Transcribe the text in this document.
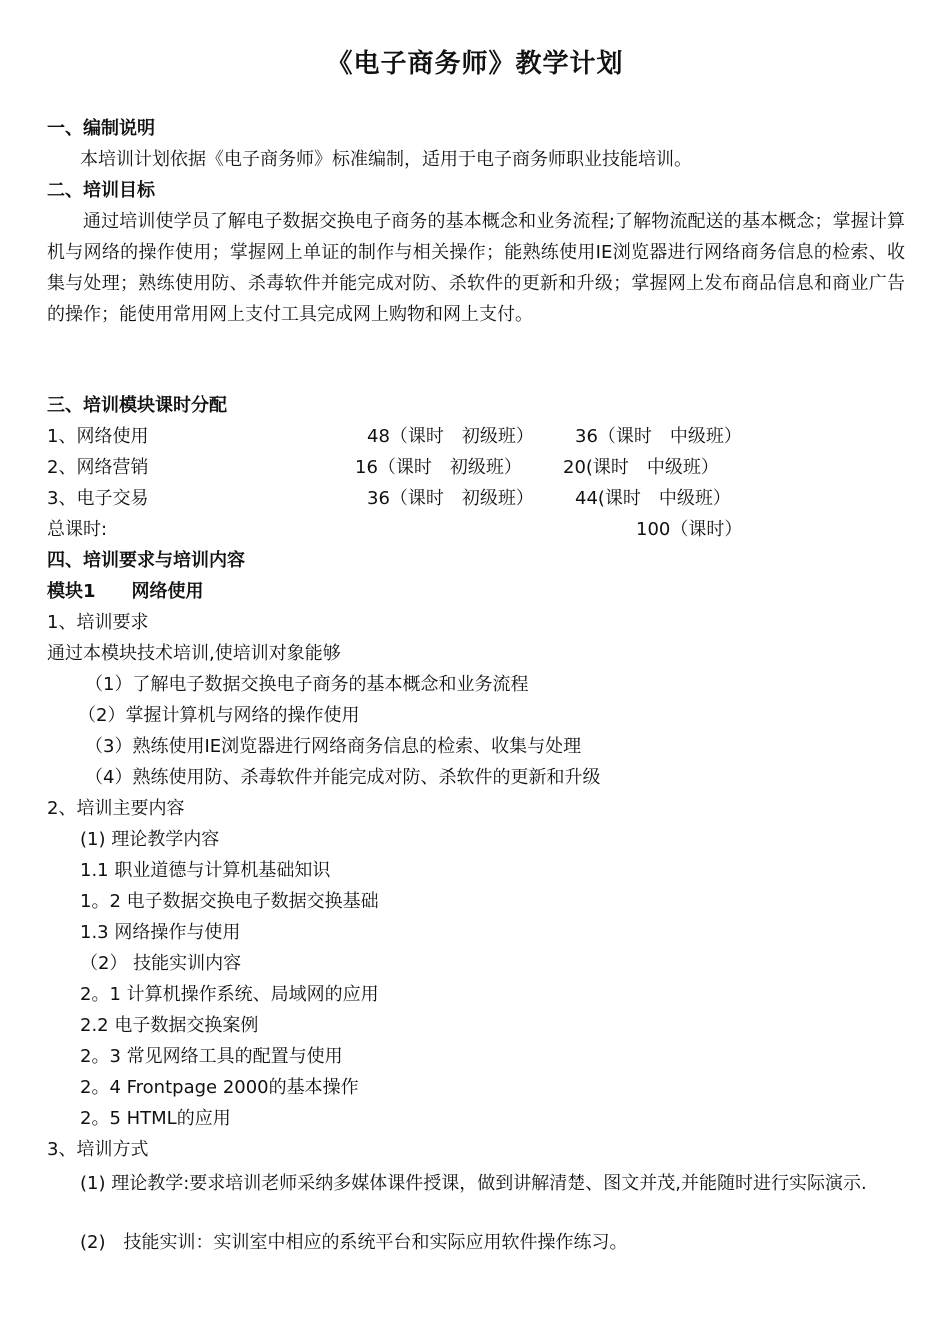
《电子商务师》教学计划
一、编制说明
本培训计划依据《电子商务师》标准编制，适用于电子商务师职业技能培训。
二、培训目标
通过培训使学员了解电子数据交换电子商务的基本概念和业务流程;了解物流配送的基本概念；掌握计算机与网络的操作使用；掌握网上单证的制作与相关操作；能熟练使用IE浏览器进行网络商务信息的检索、收集与处理；熟练使用防、杀毒软件并能完成对防、杀软件的更新和升级；掌握网上发布商品信息和商业广告的操作；能使用常用网上支付工具完成网上购物和网上支付。
三、培训模块课时分配
1、网络使用	48（课时　初级班） 36（课时　中级班）
2、网络营销	16（课时　初级班） 20(课时　中级班）
3、电子交易	36（课时　初级班） 44(课时　中级班）
总课时:	100（课时）
四、培训要求与培训内容
模块1　　网络使用
1、培训要求
通过本模块技术培训,使培训对象能够
（1）了解电子数据交换电子商务的基本概念和业务流程
（2）掌握计算机与网络的操作使用
（3）熟练使用IE浏览器进行网络商务信息的检索、收集与处理
（4）熟练使用防、杀毒软件并能完成对防、杀软件的更新和升级
2、培训主要内容
(1) 理论教学内容
1.1 职业道德与计算机基础知识
1。2 电子数据交换电子数据交换基础
1.3 网络操作与使用
（2） 技能实训内容
2。1 计算机操作系统、局域网的应用
2.2 电子数据交换案例
2。3 常见网络工具的配置与使用
2。4 Frontpage 2000的基本操作
2。5 HTML的应用
3、培训方式
(1) 理论教学:要求培训老师采纳多媒体课件授课，做到讲解清楚、图文并茂,并能随时进行实际演示.
(2)　技能实训：实训室中相应的系统平台和实际应用软件操作练习。
